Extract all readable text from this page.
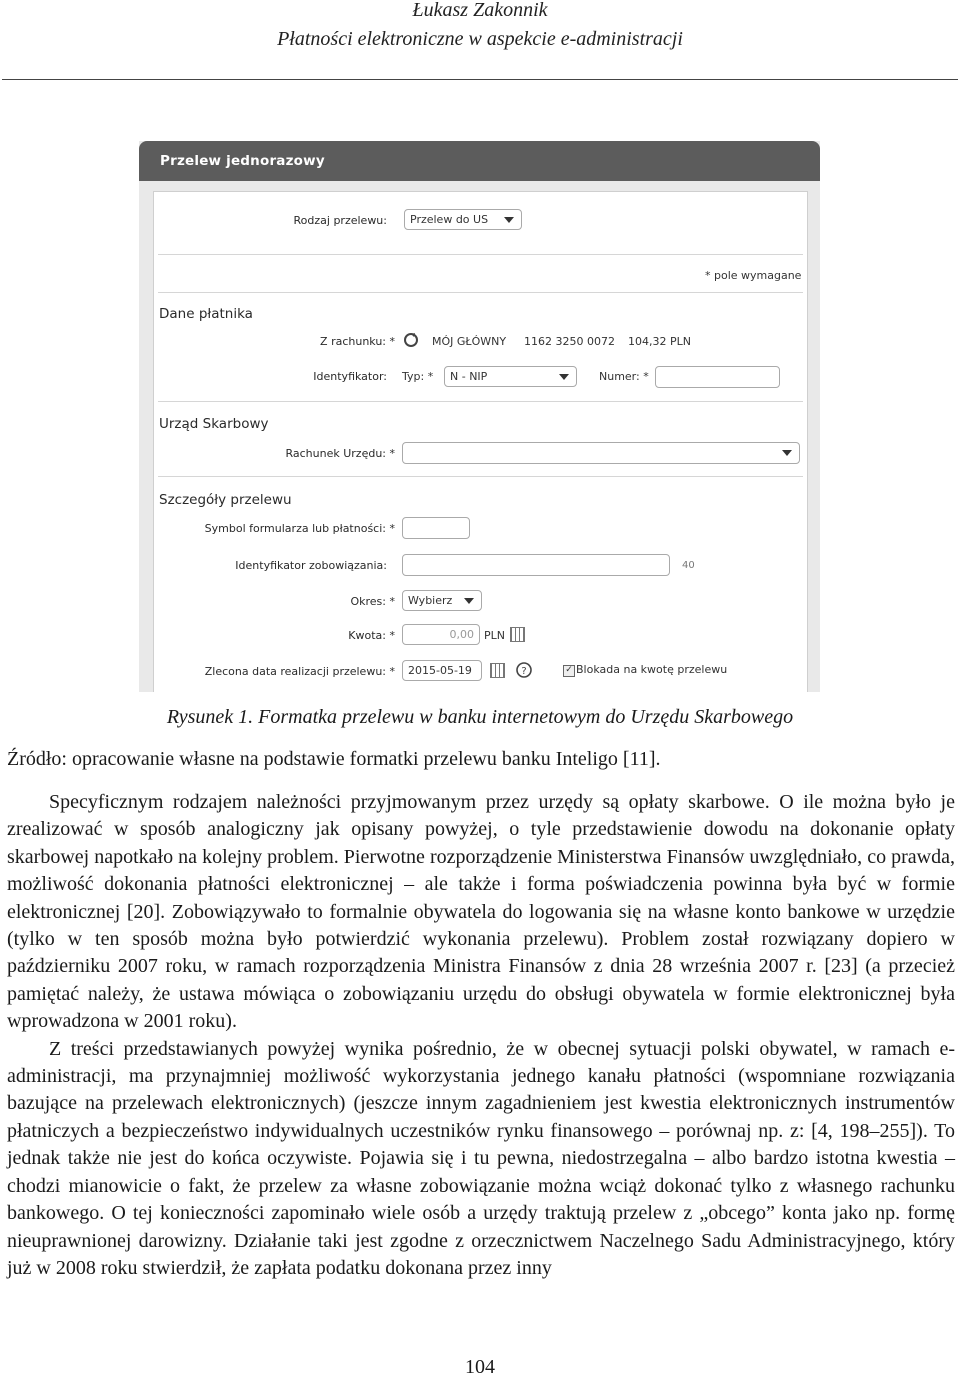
Łukasz Zakonnik
Płatności elektroniczne w aspekcie e-administracji
Przelew jednorazowy
Rodzaj przelewu:	Przelew do US
* pole wymagane
Dane płatnika
Z rachunku: *	MÓJ GŁÓWNY 1162 3250 0072 104,32 PLN
Identyfikator: Typ: *	N - NIP	Numer: *
Urząd Skarbowy
Rachunek Urzędu: *
Szczegóły przelewu
Symbol formularza lub płatności: *
Identyfikator zobowiązania:	40
Okres: *	Wybierz
Kwota: *	0,00 PLN
Zlecona data realizacji przelewu: *	2015-05-19	?	✓ Blokada na kwotę przelewu
Rysunek 1. Formatka przelewu w banku internetowym do Urzędu Skarbowego
Źródło: opracowanie własne na podstawie formatki przelewu banku Inteligo [11].

Specyficznym rodzajem należności przyjmowanym przez urzędy są opłaty skarbowe. O ile można było je zrealizować w sposób analogiczny jak opisany powyżej, o tyle przedstawienie dowodu na dokonanie opłaty skarbowej napotkało na kolejny problem. Pierwotne rozporządzenie Ministerstwa Finansów uwzględniało, co prawda, możliwość dokonania płatności elektronicznej – ale także i forma poświadczenia powinna była być w formie elektronicznej [20]. Zobowiązywało to formalnie obywatela do logowania się na własne konto bankowe w urzędzie (tylko w ten sposób można było potwierdzić wykonania przelewu). Problem został rozwiązany dopiero w październiku 2007 roku, w ramach rozporządzenia Ministra Finansów z dnia 28 września 2007 r. [23] (a przecież pamiętać należy, że ustawa mówiąca o zobowiązaniu urzędu do obsługi obywatela w formie elektronicznej była wprowadzona w 2001 roku).

Z treści przedstawianych powyżej wynika pośrednio, że w obecnej sytuacji polski obywatel, w ramach e-administracji, ma przynajmniej możliwość wykorzystania jednego kanału płatności (wspomniane rozwiązania bazujące na przelewach elektronicznych) (jeszcze innym zagadnieniem jest kwestia elektronicznych instrumentów płatniczych a bezpieczeństwo indywidualnych uczestników rynku finansowego – porównaj np. z: [4, 198–255]). To jednak także nie jest do końca oczywiste. Pojawia się i tu pewna, niedostrzegalna – albo bardzo istotna kwestia – chodzi mianowicie o fakt, że przelew za własne zobowiązanie można wciąż dokonać tylko z własnego rachunku bankowego. O tej konieczności zapominało wiele osób a urzędy traktują przelew z „obcego” konta jako np. formę nieuprawnionej darowizny. Działanie taki jest zgodne z orzecznictwem Naczelnego Sadu Administracyjnego, który już w 2008 roku stwierdził, że zapłata podatku dokonana przez inny

104
